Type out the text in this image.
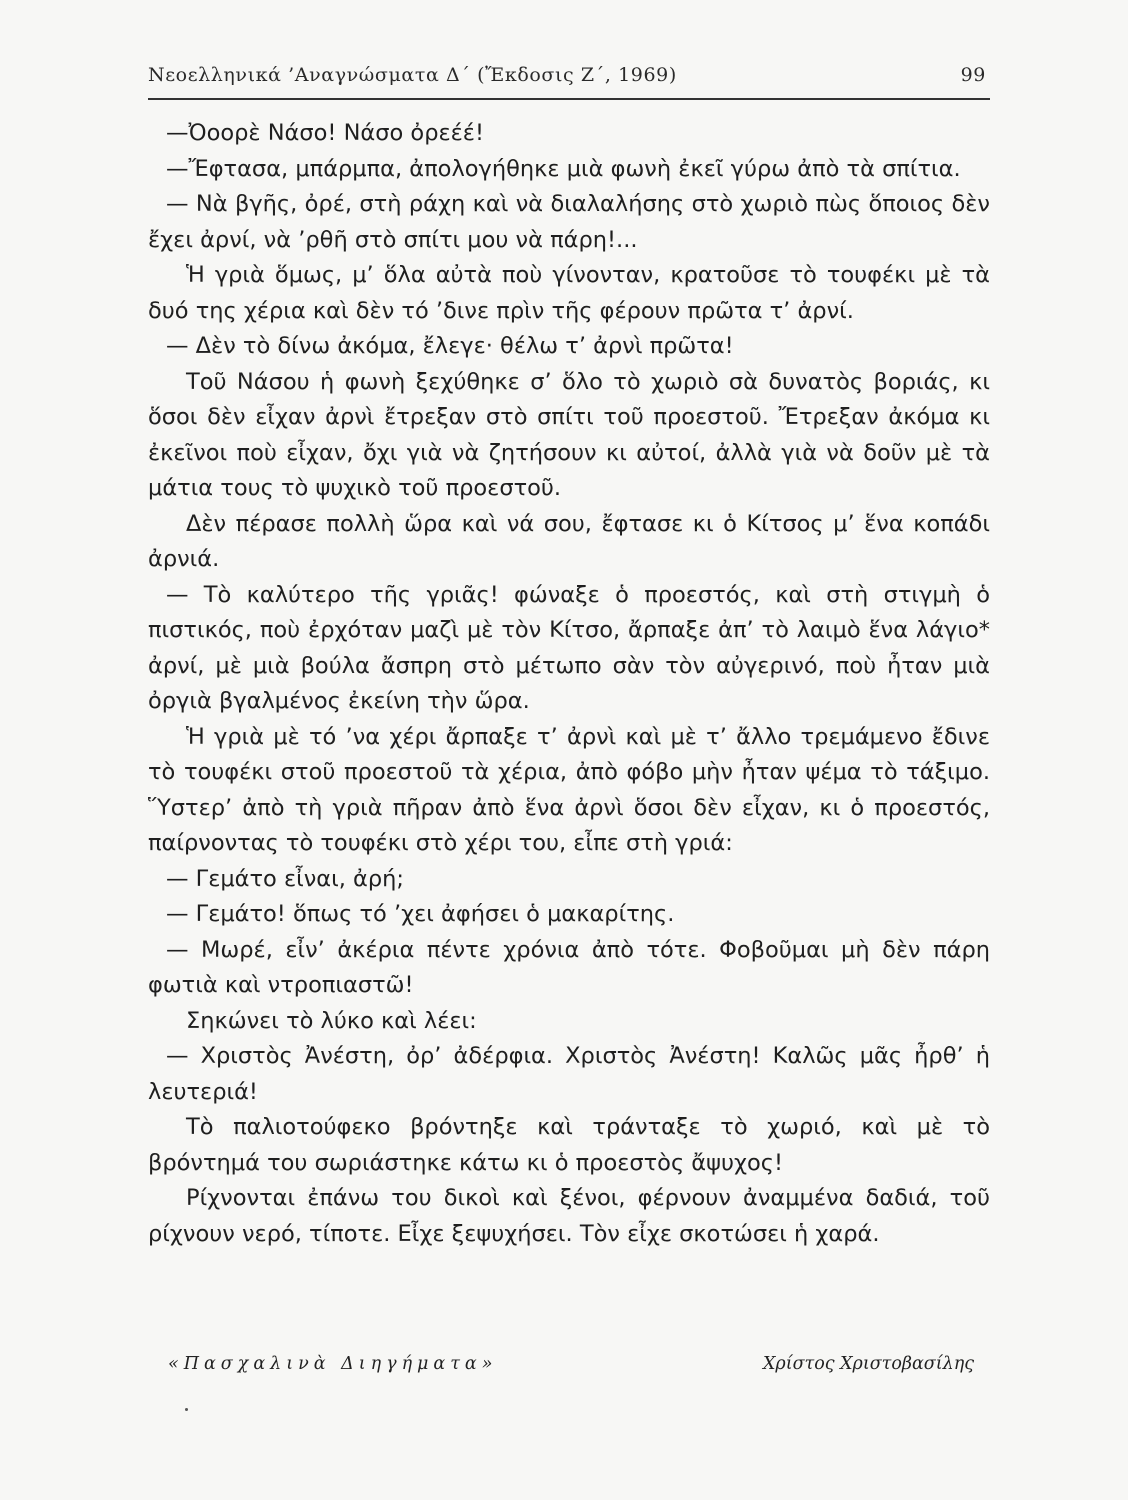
Νεοελληνικά ’Αναγνώσματα Δ΄ (Ἔκδοσις Ζ΄, 1969)	99

—Ὀοορὲ Νάσο! Νάσο ὀρεέέ!

—Ἔφτασα, μπάρμπα, ἀπολογήθηκε μιὰ φωνὴ ἐκεῖ γύρω ἀπὸ τὰ σπίτια.

— Νὰ βγῆς, ὀρέ, στὴ ράχη καὶ νὰ διαλαλήσης στὸ χωριὸ πὼς ὅποιος δὲν ἔχει ἀρνί, νὰ ’ρθῆ στὸ σπίτι μου νὰ πάρη!...

Ἡ γριὰ ὅμως, μ’ ὅλα αὐτὰ ποὺ γίνονταν, κρατοῦσε τὸ τουφέκι μὲ τὰ δυό της χέρια καὶ δὲν τό ’δινε πρὶν τῆς φέρουν πρῶτα τ’ ἀρνί.

— Δὲν τὸ δίνω ἀκόμα, ἔλεγε· θέλω τ’ ἀρνὶ πρῶτα!

Τοῦ Νάσου ἡ φωνὴ ξεχύθηκε σ’ ὅλο τὸ χωριὸ σὰ δυνατὸς βοριάς, κι ὅσοι δὲν εἶχαν ἀρνὶ ἔτρεξαν στὸ σπίτι τοῦ προεστοῦ. Ἔτρεξαν ἀκόμα κι ἐκεῖνοι ποὺ εἶχαν, ὄχι γιὰ νὰ ζητήσουν κι αὐτοί, ἀλλὰ γιὰ νὰ δοῦν μὲ τὰ μάτια τους τὸ ψυχικὸ τοῦ προεστοῦ.

Δὲν πέρασε πολλὴ ὥρα καὶ νά σου, ἔφτασε κι ὁ Κίτσος μ’ ἕνα κοπάδι ἀρνιά.

— Τὸ καλύτερο τῆς γριᾶς! φώναξε ὁ προεστός, καὶ στὴ στιγμὴ ὁ πιστικός, ποὺ ἐρχόταν μαζὶ μὲ τὸν Κίτσο, ἄρπαξε ἀπ’ τὸ λαιμὸ ἕνα λάγιο* ἀρνί, μὲ μιὰ βούλα ἄσπρη στὸ μέτωπο σὰν τὸν αὐγερινό, ποὺ ἦταν μιὰ ὀργιὰ βγαλμένος ἐκείνη τὴν ὥρα.

Ἡ γριὰ μὲ τό ’να χέρι ἄρπαξε τ’ ἀρνὶ καὶ μὲ τ’ ἄλλο τρεμάμενο ἔδινε τὸ τουφέκι στοῦ προεστοῦ τὰ χέρια, ἀπὸ φόβο μὴν ἦταν ψέμα τὸ τάξιμο. Ὕστερ’ ἀπὸ τὴ γριὰ πῆραν ἀπὸ ἕνα ἀρνὶ ὅσοι δὲν εἶχαν, κι ὁ προεστός, παίρνοντας τὸ τουφέκι στὸ χέρι του, εἶπε στὴ γριά:

— Γεμάτο εἶναι, ἀρή;

— Γεμάτο! ὅπως τό ’χει ἀφήσει ὁ μακαρίτης.

— Μωρέ, εἶν’ ἀκέρια πέντε χρόνια ἀπὸ τότε. Φοβοῦμαι μὴ δὲν πάρη φωτιὰ καὶ ντροπιαστῶ!

Σηκώνει τὸ λύκο καὶ λέει:

— Χριστὸς Ἀνέστη, ὀρ’ ἀδέρφια. Χριστὸς Ἀνέστη! Καλῶς μᾶς ἦρθ’ ἡ λευτεριά!

Τὸ παλιοτούφεκο βρόντηξε καὶ τράνταξε τὸ χωριό, καὶ μὲ τὸ βρόντημά του σωριάστηκε κάτω κι ὁ προεστὸς ἄψυχος!

Ρίχνονται ἐπάνω του δικοὶ καὶ ξένοι, φέρνουν ἀναμμένα δαδιά, τοῦ ρίχνουν νερό, τίποτε. Εἶχε ξεψυχήσει. Τὸν εἶχε σκοτώσει ἡ χαρά.

«Πασχαλινὰ Διηγήματα»	Χρίστος Χριστοβασίλης
